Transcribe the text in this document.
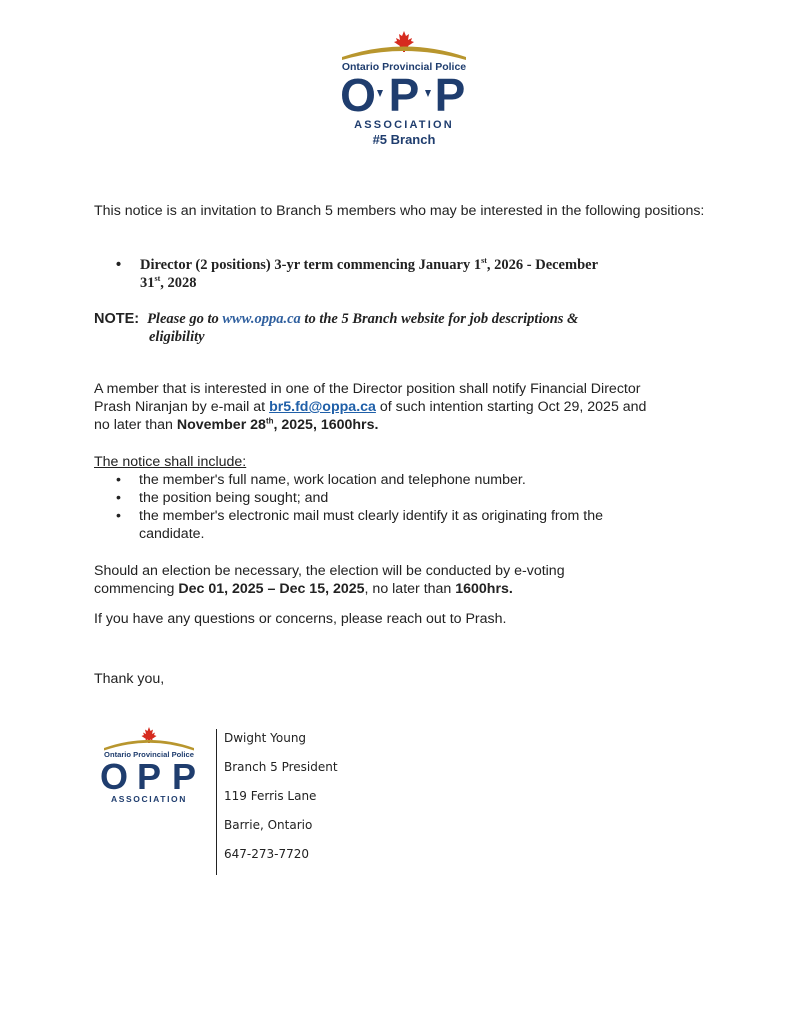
Ontario Provincial Police
O P P
ASSOCIATION
#5 Branch
This notice is an invitation to Branch 5 members who may be interested in the following positions:
•	Director (2 positions) 3-yr term commencing January 1st, 2026 - December
31st, 2028
NOTE: Please go to www.oppa.ca to the 5 Branch website for job descriptions &
eligibility
A member that is interested in one of the Director position shall notify Financial Director
Prash Niranjan by e-mail at br5.fd@oppa.ca of such intention starting Oct 29, 2025 and
no later than November 28th, 2025, 1600hrs.
The notice shall include:
• the member's full name, work location and telephone number.
• the position being sought; and
• the member's electronic mail must clearly identify it as originating from the candidate.
Should an election be necessary, the election will be conducted by e-voting
commencing Dec 01, 2025 – Dec 15, 2025, no later than 1600hrs.
If you have any questions or concerns, please reach out to Prash.
Thank you,
Ontario Provincial Police
O P P
ASSOCIATION
Dwight Young
Branch 5 President
119 Ferris Lane
Barrie, Ontario
647-273-7720
